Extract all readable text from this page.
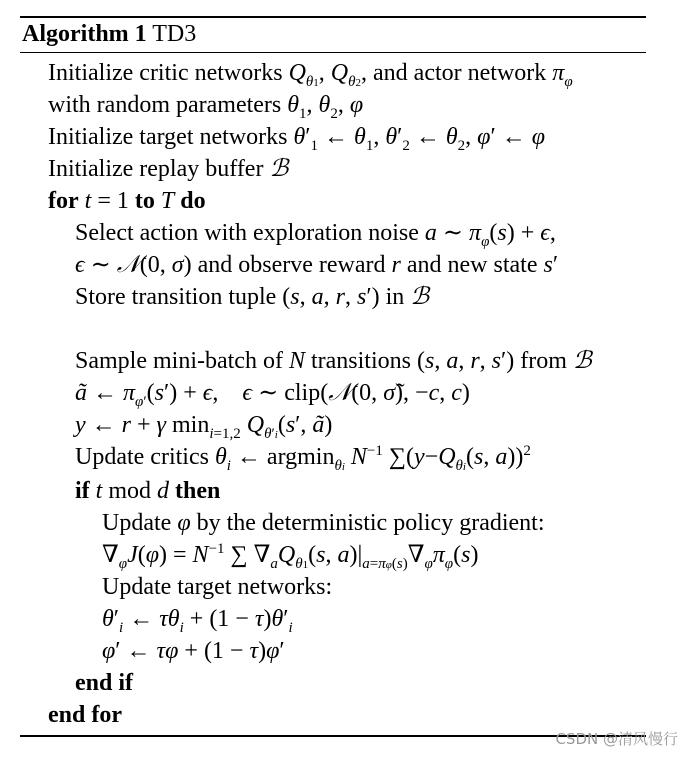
Algorithm 1 TD3
Initialize critic networks $Q_{\theta 1}$, $Q_{\theta 2}$, and actor network $\pi_\varphi$
with random parameters $\theta_1$, $\theta_2$, φ
Initialize target networks $\theta'_1$ ← $\theta_1$, $\theta'_2$ ← $\theta_2$, φ′ ← φ
Initialize replay buffer ℬ
for t = 1 to T do
Select action with exploration noise a ∼ $\pi_\varphi(s) + \epsilon$,
ϵ ∼ 𝒩(0, σ) and observe reward r and new state s′
Store transition tuple (s, a, r, s′) in ℬ
Sample mini-batch of N transitions (s, a, r, s′) from ℬ
ã ← $\pi_{\varphi'}(s') + \epsilon$,    ϵ ∼ clip(𝒩(0, σ̃), −c, c)
y ← r + γ $\min_{i=1,2} Q_{\theta'i}(s'$, ã)
Update critics $\theta_i$ ← argmin$_{\theta i}$ $N^{-1}$ $\sum(y-Q_{\theta i}(s$, a))$^2$
if t mod d then
Update φ by the deterministic policy gradient:
$\nabla_\varphi J(\varphi) = N^{-1}$ ∑ $\nabla_aQ_{\theta 1}(s$, $a)|_{a=\pi\varphi(s)}\nabla_\varphi\pi_\varphi(s)$
Update target networks:
$\theta'_i$ ← $\tau\theta_i + (1 - \tau)\theta'_i$
φ′ ← τφ + (1 − τ)φ′
end if
end for
CSDN @清风慢行
